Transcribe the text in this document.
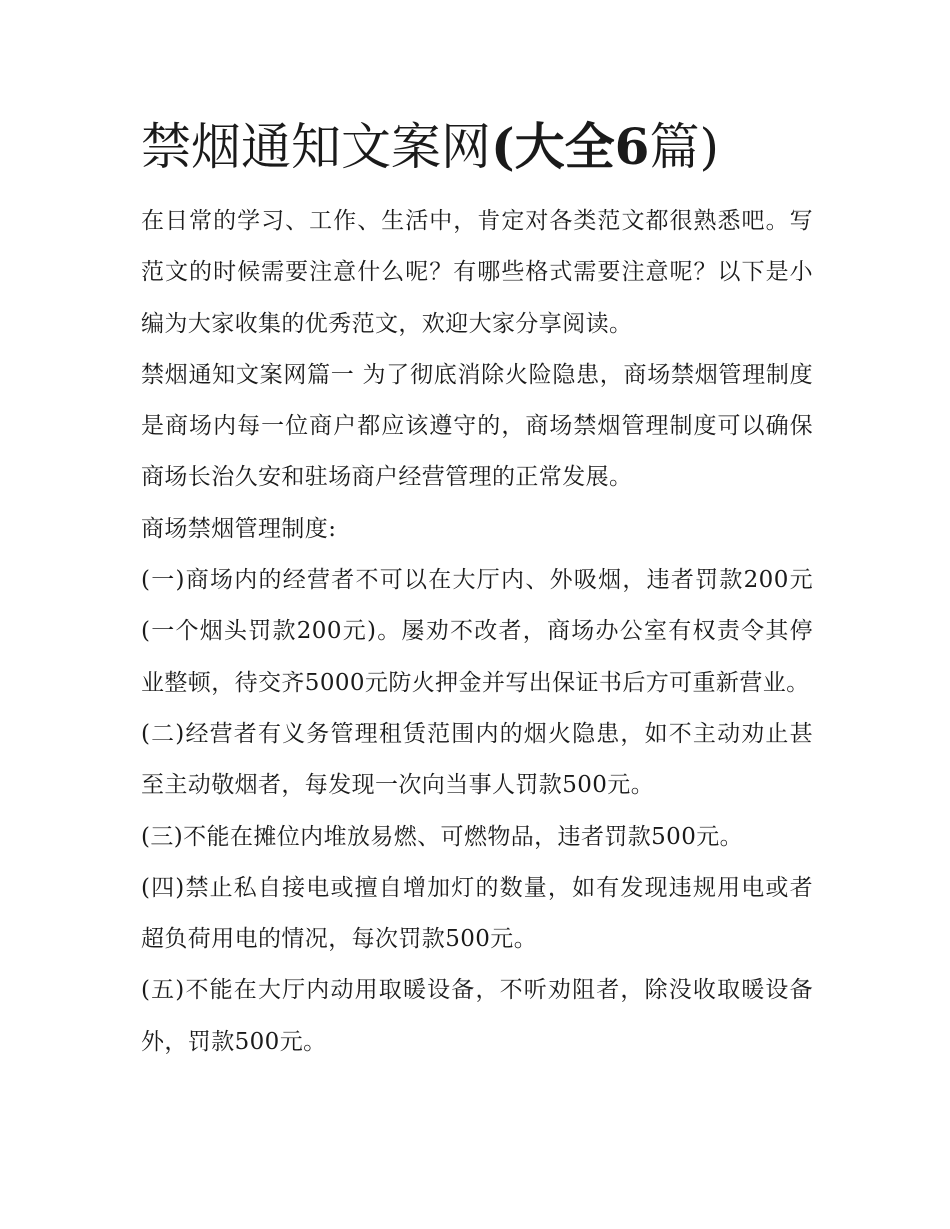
禁烟通知文案网(大全6篇)

在日常的学习、工作、生活中，肯定对各类范文都很熟悉吧。写范文的时候需要注意什么呢？有哪些格式需要注意呢？以下是小编为大家收集的优秀范文，欢迎大家分享阅读。

禁烟通知文案网篇一 为了彻底消除火险隐患，商场禁烟管理制度是商场内每一位商户都应该遵守的，商场禁烟管理制度可以确保商场长治久安和驻场商户经营管理的正常发展。

商场禁烟管理制度:

(一)商场内的经营者不可以在大厅内、外吸烟，违者罚款200元(一个烟头罚款200元)。屡劝不改者，商场办公室有权责令其停业整顿，待交齐5000元防火押金并写出保证书后方可重新营业。

(二)经营者有义务管理租赁范围内的烟火隐患，如不主动劝止甚至主动敬烟者，每发现一次向当事人罚款500元。

(三)不能在摊位内堆放易燃、可燃物品，违者罚款500元。

(四)禁止私自接电或擅自增加灯的数量，如有发现违规用电或者超负荷用电的情况，每次罚款500元。

(五)不能在大厅内动用取暖设备，不听劝阻者，除没收取暖设备外，罚款500元。
